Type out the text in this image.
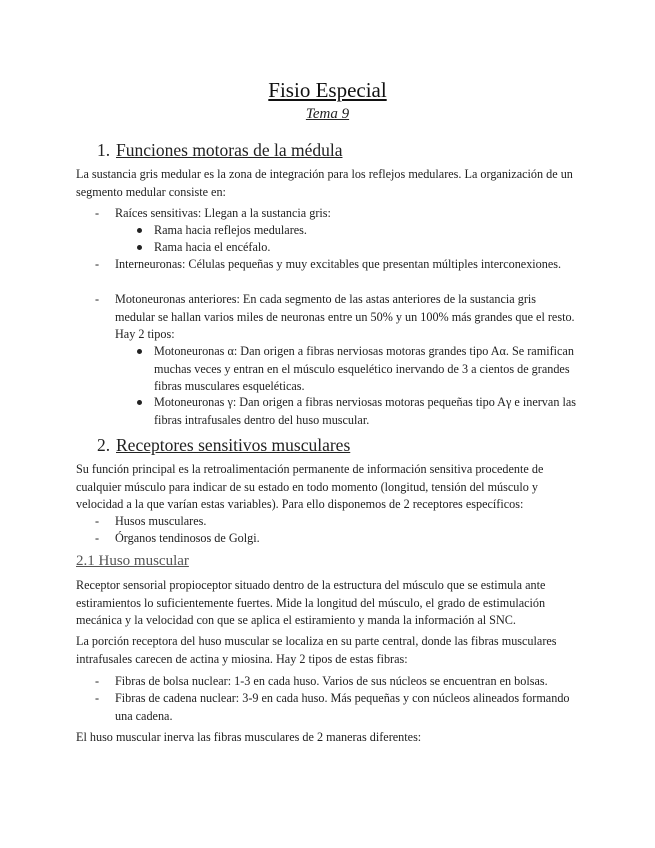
Fisio Especial
Tema 9
1. Funciones motoras de la médula
La sustancia gris medular es la zona de integración para los reflejos medulares. La organización de un segmento medular consiste en:
- Raíces sensitivas: Llegan a la sustancia gris:
Rama hacia reflejos medulares.
Rama hacia el encéfalo.
- Interneuronas: Células pequeñas y muy excitables que presentan múltiples interconexiones.
- Motoneuronas anteriores: En cada segmento de las astas anteriores de la sustancia gris medular se hallan varios miles de neuronas entre un 50% y un 100% más grandes que el resto. Hay 2 tipos:
Motoneuronas α: Dan origen a fibras nerviosas motoras grandes tipo Aα. Se ramifican muchas veces y entran en el músculo esquelético inervando de 3 a cientos de grandes fibras musculares esqueléticas.
Motoneuronas γ: Dan origen a fibras nerviosas motoras pequeñas tipo Aγ e inervan las fibras intrafusales dentro del huso muscular.
2. Receptores sensitivos musculares
Su función principal es la retroalimentación permanente de información sensitiva procedente de cualquier músculo para indicar de su estado en todo momento (longitud, tensión del músculo y velocidad a la que varían estas variables). Para ello disponemos de 2 receptores específicos:
- Husos musculares.
- Órganos tendinosos de Golgi.
2.1 Huso muscular
Receptor sensorial propioceptor situado dentro de la estructura del músculo que se estimula ante estiramientos lo suficientemente fuertes. Mide la longitud del músculo, el grado de estimulación mecánica y la velocidad con que se aplica el estiramiento y manda la información al SNC.
La porción receptora del huso muscular se localiza en su parte central, donde las fibras musculares intrafusales carecen de actina y miosina. Hay 2 tipos de estas fibras:
- Fibras de bolsa nuclear: 1-3 en cada huso. Varios de sus núcleos se encuentran en bolsas.
- Fibras de cadena nuclear: 3-9 en cada huso. Más pequeñas y con núcleos alineados formando una cadena.
El huso muscular inerva las fibras musculares de 2 maneras diferentes:
